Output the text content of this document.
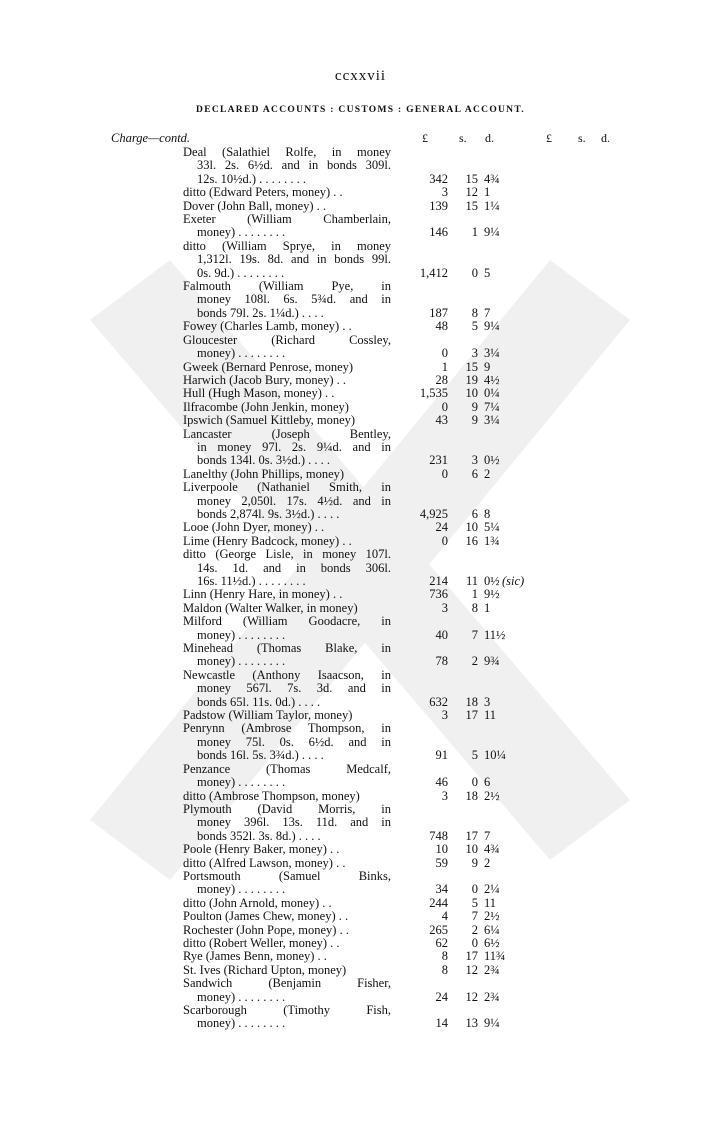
ccxxvii
DECLARED ACCOUNTS : CUSTOMS : GENERAL ACCOUNT.
Charge—contd.	£	s. d.	£ s. d.
Deal (Salathiel Rolfe, in money
33l. 2s. 6½d. and in bonds 309l.
12s. 10½d.) . . . . . . . .	342 15 4¾
ditto (Edward Peters, money) . .	3 12 1
Dover (John Ball, money) . .	139 15 1¼
Exeter (William Chamberlain,
money) . . . . . . . .	146 1 9¼
ditto (William Sprye, in money
1,312l. 19s. 8d. and in bonds 99l.
0s. 9d.) . . . . . . . .	1,412 0 5
Falmouth (William Pye, in
money 108l. 6s. 5¾d. and in
bonds 79l. 2s. 1¼d.) . . . .	187 8 7
Fowey (Charles Lamb, money) . .	48 5 9¼
Gloucester (Richard Cossley,
money) . . . . . . . .	0 3 3¼
Gweek (Bernard Penrose, money)	1 15 9
Harwich (Jacob Bury, money) . .	28 19 4½
Hull (Hugh Mason, money) . .	1,535 10 0¼
Ilfracombe (John Jenkin, money)	0 9 7¼
Ipswich (Samuel Kittleby, money)	43 9 3¼
Lancaster (Joseph Bentley,
in money 97l. 2s. 9¼d. and in
bonds 134l. 0s. 3½d.) . . . .	231 3 0½
Lanelthy (John Phillips, money)	0 6 2
Liverpoole (Nathaniel Smith, in
money 2,050l. 17s. 4½d. and in
bonds 2,874l. 9s. 3½d.) . . . .	4,925 6 8
Looe (John Dyer, money) . .	24 10 5¼
Lime (Henry Badcock, money) . .	0 16 1¾
ditto (George Lisle, in money 107l.
14s. 1d. and in bonds 306l.
16s. 11½d.) . . . . . . . .	214 11 0½ (sic)
Linn (Henry Hare, in money) . .	736 1 9½
Maldon (Walter Walker, in money)	3 8 1
Milford (William Goodacre, in
money) . . . . . . . .	40 7 11½
Minehead (Thomas Blake, in
money) . . . . . . . .	78 2 9¾
Newcastle (Anthony Isaacson, in
money 567l. 7s. 3d. and in
bonds 65l. 11s. 0d.) . . . .	632 18 3
Padstow (William Taylor, money)	3 17 11
Penrynn (Ambrose Thompson, in
money 75l. 0s. 6½d. and in
bonds 16l. 5s. 3¾d.) . . . .	91 5 10¼
Penzance (Thomas Medcalf,
money) . . . . . . . .	46 0 6
ditto (Ambrose Thompson, money)	3 18 2½
Plymouth (David Morris, in
money 396l. 13s. 11d. and in
bonds 352l. 3s. 8d.) . . . .	748 17 7
Poole (Henry Baker, money) . .	10 10 4¾
ditto (Alfred Lawson, money) . .	59 9 2
Portsmouth (Samuel Binks,
money) . . . . . . . .	34 0 2¼
ditto (John Arnold, money) . .	244 5 11
Poulton (James Chew, money) . .	4 7 2½
Rochester (John Pope, money) . .	265 2 6¼
ditto (Robert Weller, money) . .	62 0 6½
Rye (James Benn, money) . .	8 17 11¾
St. Ives (Richard Upton, money)	8 12 2¾
Sandwich (Benjamin Fisher,
money) . . . . . . . .	24 12 2¾
Scarborough (Timothy Fish,
money) . . . . . . . .	14 13 9¼
